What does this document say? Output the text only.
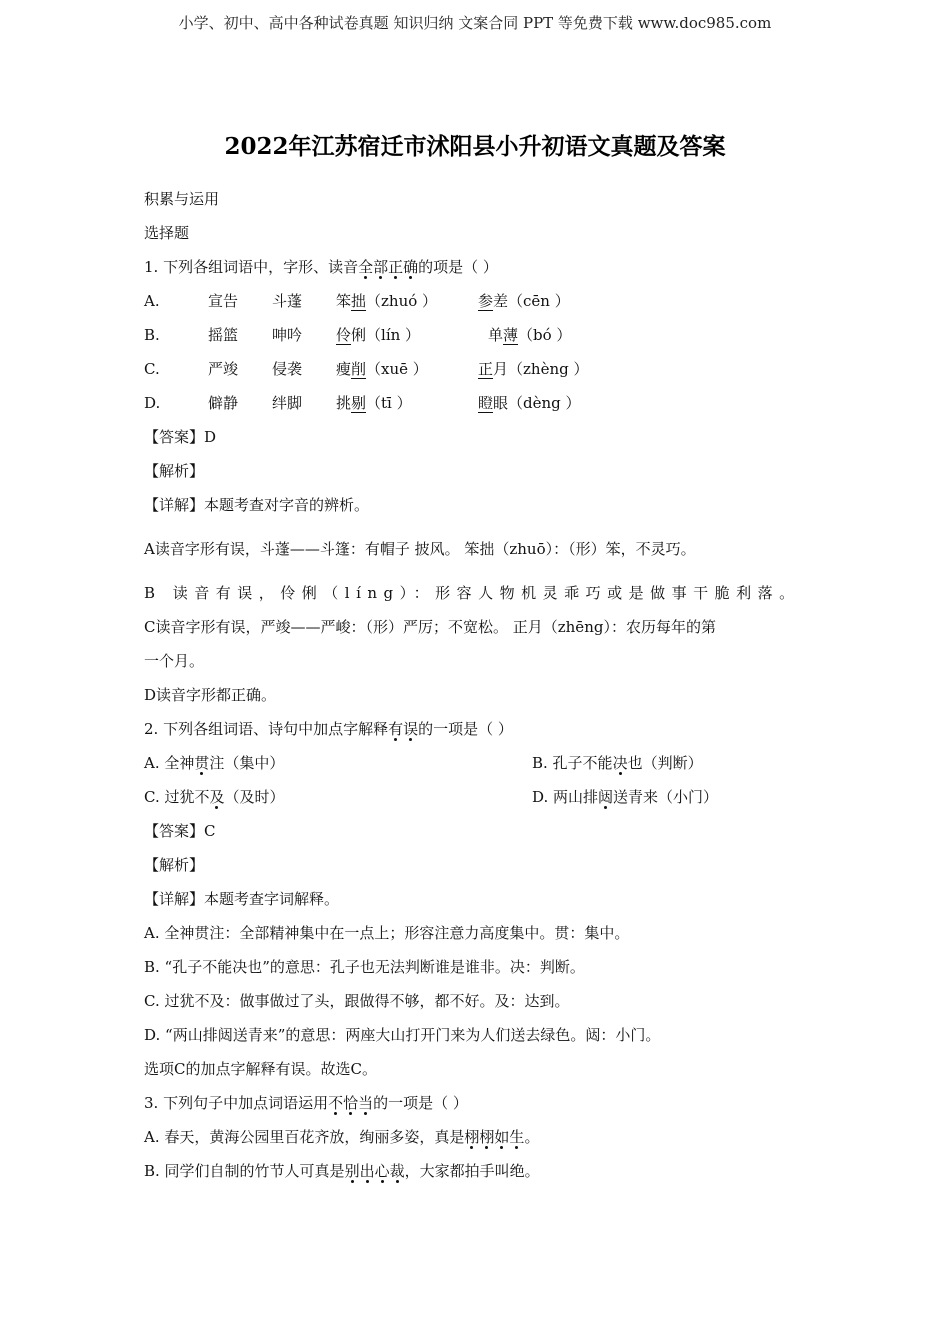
小学、初中、高中各种试卷真题 知识归纳 文案合同 PPT 等免费下载 www.doc985.com
2022年江苏宿迁市沭阳县小升初语文真题及答案
积累与运用
选择题
1. 下列各组词语中，字形、读音全部正确的项是（ ）
A.	宣告 斗蓬 笨拙（zhuó ）	参差（cēn ）
B.	摇篮 呻吟 伶俐（lín ）	单薄（bó ）
C.	严竣 侵袭 瘦削（xuē ）	正月（zhèng ）
D.	僻静 绊脚 挑剔（tī ）	瞪眼（dèng ）
【答案】D
【解析】
【详解】本题考查对字音的辨析。
A读音字形有误，斗蓬——斗篷：有帽子 披风。 笨拙（zhuō）：（形）笨，不灵巧。
B 读音有误，伶俐（líng）：形容人物机灵乖巧或是做事干脆利落。
C读音字形有误，严竣——严峻：（形）严厉；不宽松。 正月（zhēng）：农历每年的第
一个月。
D读音字形都正确。
2. 下列各组词语、诗句中加点字解释有误的一项是（ ）
A. 全神贯注（集中）	B. 孔子不能决也（判断）
C. 过犹不及（及时）	D. 两山排闼送青来（小门）
【答案】C
【解析】
【详解】本题考查字词解释。
A. 全神贯注：全部精神集中在一点上；形容注意力高度集中。贯：集中。
B. “孔子不能决也”的意思：孔子也无法判断谁是谁非。决：判断。
C. 过犹不及：做事做过了头，跟做得不够，都不好。及：达到。
D. “两山排闼送青来”的意思：两座大山打开门来为人们送去绿色。闼：小门。
选项C的加点字解释有误。故选C。
3. 下列句子中加点词语运用不恰当的一项是（ ）
A. 春天，黄海公园里百花齐放，绚丽多姿，真是栩栩如生。
B. 同学们自制的竹节人可真是别出心裁，大家都拍手叫绝。
